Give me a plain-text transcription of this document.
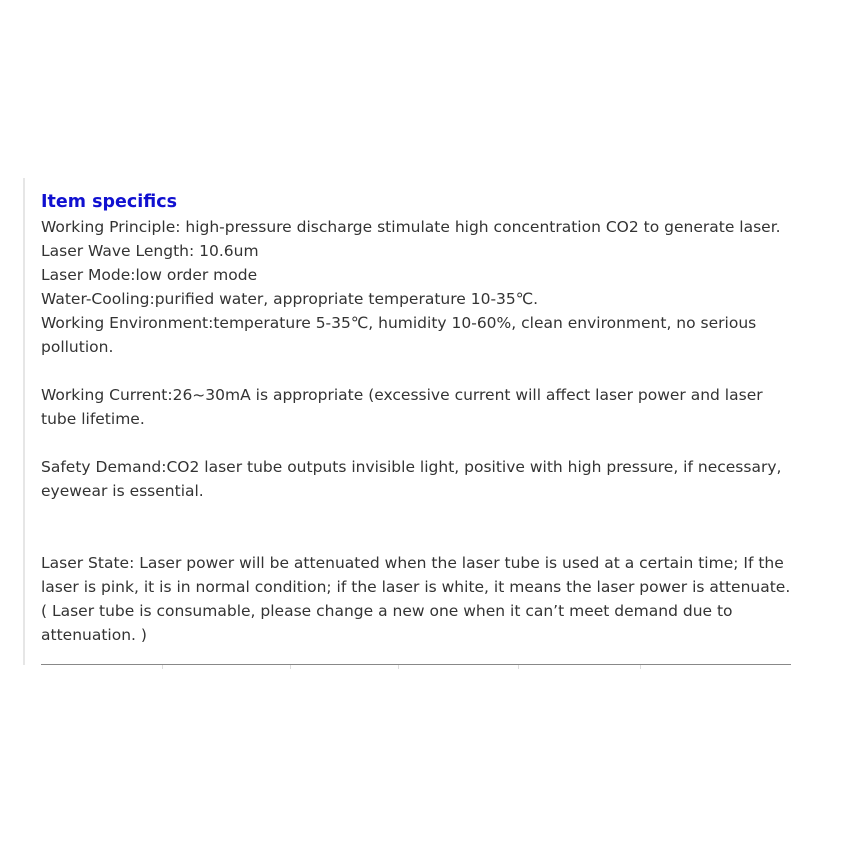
Item specifics

Working Principle: high-pressure discharge stimulate high concentration CO2 to generate laser.

Laser Wave Length: 10.6um

Laser Mode:low order mode

Water-Cooling:purified water, appropriate temperature 10-35℃.

Working Environment:temperature 5-35℃, humidity 10-60%, clean environment, no serious pollution.

Working Current:26~30mA is appropriate (excessive current will affect laser power and laser tube lifetime.

Safety Demand:CO2 laser tube outputs invisible light, positive with high pressure, if necessary, eyewear is essential.

Laser State: Laser power will be attenuated when the laser tube is used at a certain time; If the laser is pink, it is in normal condition; if the laser is white, it means the laser power is attenuate. ( Laser tube is consumable, please change a new one when it can’t meet demand due to attenuation. )
